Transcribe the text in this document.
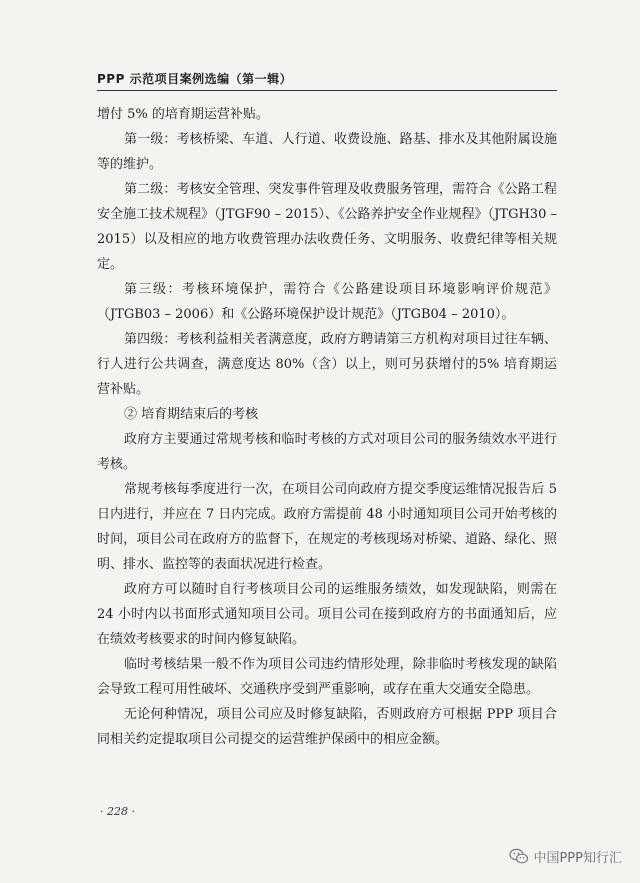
PPP 示范项目案例选编（第一辑）

增付 5% 的培育期运营补贴。

第一级：考核桥梁、车道、人行道、收费设施、路基、排水及其他附属设施等的维护。

第二级：考核安全管理、突发事件管理及收费服务管理，需符合《公路工程安全施工技术规程》（JTGF90 – 2015）、《公路养护安全作业规程》（JTGH30 – 2015）以及相应的地方收费管理办法收费任务、文明服务、收费纪律等相关规定。

第三级：考核环境保护，需符合《公路建设项目环境影响评价规范》（JTGB03 – 2006）和《公路环境保护设计规范》（JTGB04 – 2010）。

第四级：考核利益相关者满意度，政府方聘请第三方机构对项目过往车辆、行人进行公共调查，满意度达 80%（含）以上，则可另获增付的5% 培育期运营补贴。

② 培育期结束后的考核

政府方主要通过常规考核和临时考核的方式对项目公司的服务绩效水平进行考核。

常规考核每季度进行一次，在项目公司向政府方提交季度运维情况报告后 5 日内进行，并应在 7 日内完成。政府方需提前 48 小时通知项目公司开始考核的时间，项目公司在政府方的监督下，在规定的考核现场对桥梁、道路、绿化、照明、排水、监控等的表面状况进行检查。

政府方可以随时自行考核项目公司的运维服务绩效，如发现缺陷，则需在 24 小时内以书面形式通知项目公司。项目公司在接到政府方的书面通知后，应在绩效考核要求的时间内修复缺陷。

临时考核结果一般不作为项目公司违约情形处理，除非临时考核发现的缺陷会导致工程可用性破坏、交通秩序受到严重影响，或存在重大交通安全隐患。

无论何种情况，项目公司应及时修复缺陷，否则政府方可根据 PPP 项目合同相关约定提取项目公司提交的运营维护保函中的相应金额。

· 228 ·
中国PPP知行汇
